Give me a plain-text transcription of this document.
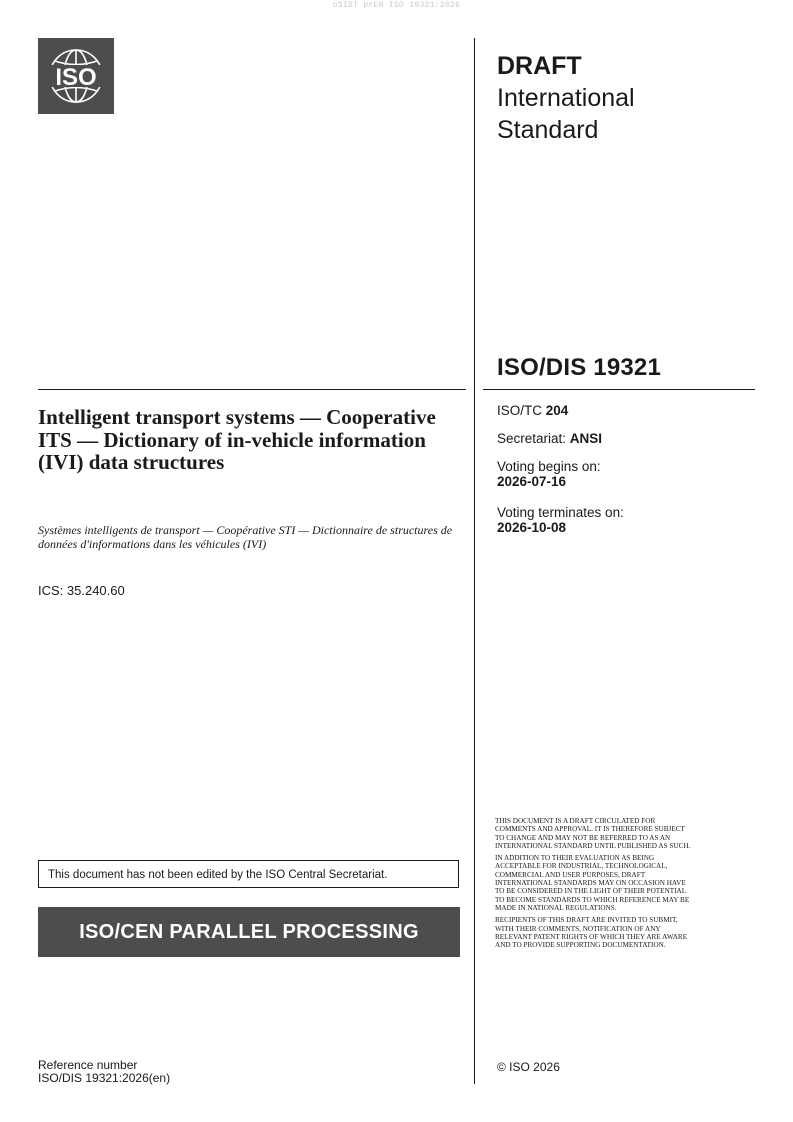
oSIST prEN ISO 19321:2026
ISO	DRAFT
International
Standard
ISO/DIS 19321
Intelligent transport systems — Cooperative ITS — Dictionary of in-vehicle information (IVI) data structures
Systèmes intelligents de transport — Coopérative STI — Dictionnaire de structures de données d'informations dans les véhicules (IVI)
ICS: 35.240.60
ISO/TC 204
Secretariat: ANSI
Voting begins on:
2026-07-16
Voting terminates on:
2026-10-08
This document has not been edited by the ISO Central Secretariat.
ISO/CEN PARALLEL PROCESSING

THIS DOCUMENT IS A DRAFT CIRCULATED FOR COMMENTS AND APPROVAL. IT IS THEREFORE SUBJECT TO CHANGE AND MAY NOT BE REFERRED TO AS AN INTERNATIONAL STANDARD UNTIL PUBLISHED AS SUCH.

IN ADDITION TO THEIR EVALUATION AS BEING ACCEPTABLE FOR INDUSTRIAL, TECHNOLOGICAL, COMMERCIAL AND USER PURPOSES, DRAFT INTERNATIONAL STANDARDS MAY ON OCCASION HAVE TO BE CONSIDERED IN THE LIGHT OF THEIR POTENTIAL TO BECOME STANDARDS TO WHICH REFERENCE MAY BE MADE IN NATIONAL REGULATIONS.

RECIPIENTS OF THIS DRAFT ARE INVITED TO SUBMIT, WITH THEIR COMMENTS, NOTIFICATION OF ANY RELEVANT PATENT RIGHTS OF WHICH THEY ARE AWARE AND TO PROVIDE SUPPORTING DOCUMENTATION.

© ISO 2026
Reference number
ISO/DIS 19321:2026(en)
